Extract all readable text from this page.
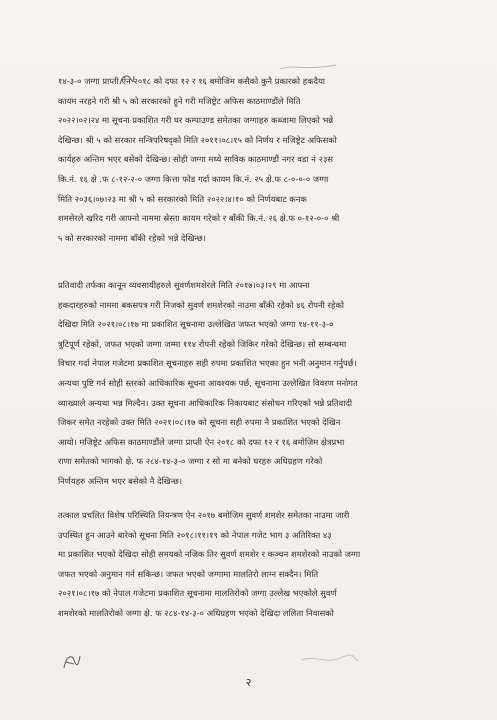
१४-३-० जग्गा प्राप्ती ऐन २०१८ को दफा १२ र १६ बमोजिम कसैको कुनै प्रकारको हकदैया
कायम नरहने गरी श्री ५ को सरकारको हुने गरी मजिष्ट्रेट अफिस काठमाण्डौंले मिति
२०२२।०२।२४ मा सूचना प्रकाशित गरी घर कम्पाउण्ड समेतका जग्गाहरु कब्जामा लिएको भन्ने
देखिन्छ। श्री ५ को सरकार मन्त्रिपरिषद्को मिति २०११।०८।१५ को निर्णय र मजिष्ट्रेट अफिसको
कार्यहरु अन्तिम भएर बसेको देखिन्छ। सोही जग्गा मध्ये साविक काठमाण्डौं नगर वडा नं २३स
कि.नं. १६ क्षे .फ ८-१२-२-० जग्गा कित्ता फोड गर्दा कायम कि.नं. २५ क्षे.फ ८-०-०-० जग्गा
मिति २०३६।०७।२३ मा श्री ५ को सरकारको मिति २०२२।४।१० को निर्णयबाट कनक
शमसेरले खरिद गरी आफ्नो नाममा स्रेस्ता कायम गरेको र बाँकी कि.नं. २६ क्षे.फ ०-१२-०-० श्री
५ को सरकारको नाममा बाँकी रहेको भन्ने देखिन्छ।
प्रतिवादी तर्फका कानून व्यवसायीहरुले सुवर्णशमशेरले मिति २०१७।०३।२९ मा आफ्ना
हकदारहरुको नाममा बकसपत्र गरी निजको सुवर्ण शमशेरको नाउमा बाँकी रहेको ४६ रोपनी रहेको
देखिदा मिति २०२१।०८।१७ मा प्रकाशित सूचनामा उल्लेखित जफत भएको जग्गा १४-११-३-०
त्रुटिपूर्ण रहेको, जफत भएको जग्गा जम्मा ११४ रोपनी रहेको जिकिर गरेको देखिन्छ। सो सम्बन्धमा
विचार गर्दा नेपाल गजेटमा प्रकाशित सूचनाहरु सही रुपमा प्रकाशित भएका हुन भनी अनुमान गर्नुपर्छ।
अन्यथा पुष्टि गर्न सोही स्तरको आधिकारिक सूचना आवश्यक पर्छ, सूचनामा उल्लेखित विवरण मनोगत
व्याख्याले अन्यथा भन्न मिल्दैन। उक्त सूचना आधिकारिक निकायबाट संसोधन गरिएको भन्ने प्रतिवादी
जिकर समेत नरहेको उक्त मिति २०२१।०८।१७ को सूचना सही रुपमा नै प्रकाशित भएको देखिन
आयो। मजिष्ट्रेट अफिस काठमाण्डौंले जग्गा प्राप्ती ऐन २०१८ को दफा १२ र १६ बमोजिम क्षेत्रप्रभा
राणा समेतको भागको क्षे. फ २८४-१४-३-० जग्गा र सो मा बनेको घरहरु अधिग्रहण गरेको
निर्णयहरु अन्तिम भएर बसेको नै देखिन्छ।
तत्काल प्रचलित विशेष परिस्थिति नियन्त्रण ऐन २०१७ बमोजिम सुवर्ण शमशेर समेतका नाउमा जारी
उपस्थित हुन आउने बारेको सूचना मिति २०१८।११।१९ को नेपाल गजेट भाग ३ अतिरिक्त ४३
मा प्रकाशित भएको देखिदा सोही समयको नजिक तिर सुवर्ण शमशेर र कञ्चन शमशेरको नाउको जग्गा
जफत भएको अनुमान गर्न सकिन्छ। जफत भएको जग्गामा मालतिरो लाग्न सक्दैन। मिति
२०२१।०८।१७ को नेपाल गजेटमा प्रकाशित सूचनामा मालतिरोको जग्गा उल्लेख भएकोले सुवर्ण
शमशेरको मालतिरोको जग्गा क्षे. फ २८४-१४-३-० अधिग्रहण भएको देखिदा ललिता निवासको
२
